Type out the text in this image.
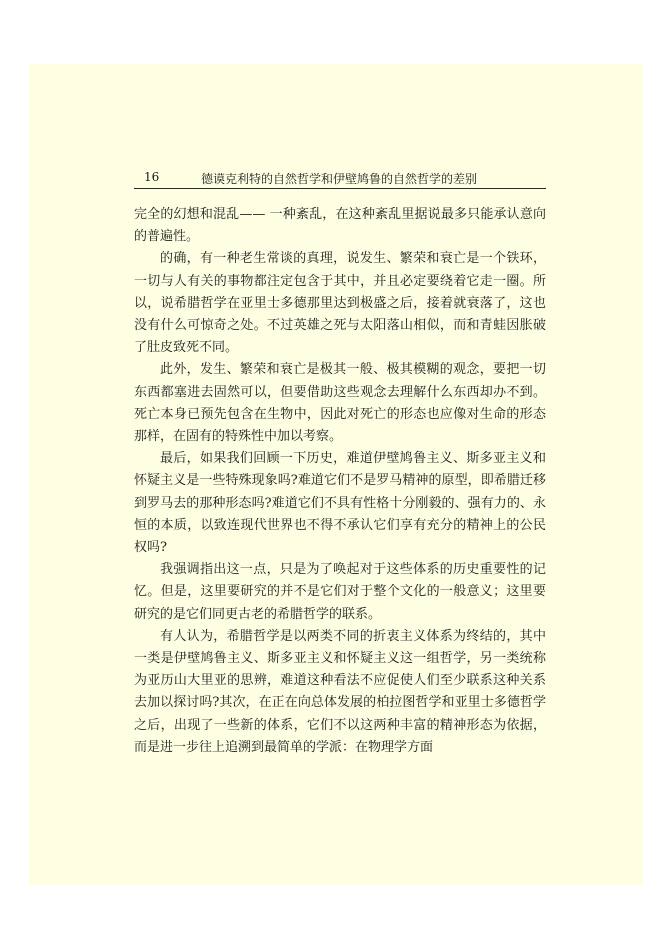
16	德谟克利特的自然哲学和伊壁鸠鲁的自然哲学的差别

完全的幻想和混乱—— 一种紊乱，在这种紊乱里据说最多只能承认意向的普遍性。

的确，有一种老生常谈的真理，说发生、繁荣和衰亡是一个铁环，一切与人有关的事物都注定包含于其中，并且必定要绕着它走一圈。所以，说希腊哲学在亚里士多德那里达到极盛之后，接着就衰落了，这也没有什么可惊奇之处。不过英雄之死与太阳落山相似，而和青蛙因胀破了肚皮致死不同。

此外，发生、繁荣和衰亡是极其一般、极其模糊的观念，要把一切东西都塞进去固然可以，但要借助这些观念去理解什么东西却办不到。死亡本身已预先包含在生物中，因此对死亡的形态也应像对生命的形态那样，在固有的特殊性中加以考察。

最后，如果我们回顾一下历史，难道伊壁鸠鲁主义、斯多亚主义和怀疑主义是一些特殊现象吗?难道它们不是罗马精神的原型，即希腊迁移到罗马去的那种形态吗?难道它们不具有性格十分刚毅的、强有力的、永恒的本质，以致连现代世界也不得不承认它们享有充分的精神上的公民权吗?

我强调指出这一点，只是为了唤起对于这些体系的历史重要性的记忆。但是，这里要研究的并不是它们对于整个文化的一般意义；这里要研究的是它们同更古老的希腊哲学的联系。

有人认为，希腊哲学是以两类不同的折衷主义体系为终结的，其中一类是伊壁鸠鲁主义、斯多亚主义和怀疑主义这一组哲学，另一类统称为亚历山大里亚的思辨，难道这种看法不应促使人们至少联系这种关系去加以探讨吗?其次，在正在向总体发展的柏拉图哲学和亚里士多德哲学之后，出现了一些新的体系，它们不以这两种丰富的精神形态为依据，而是进一步往上追溯到最简单的学派：在物理学方面
